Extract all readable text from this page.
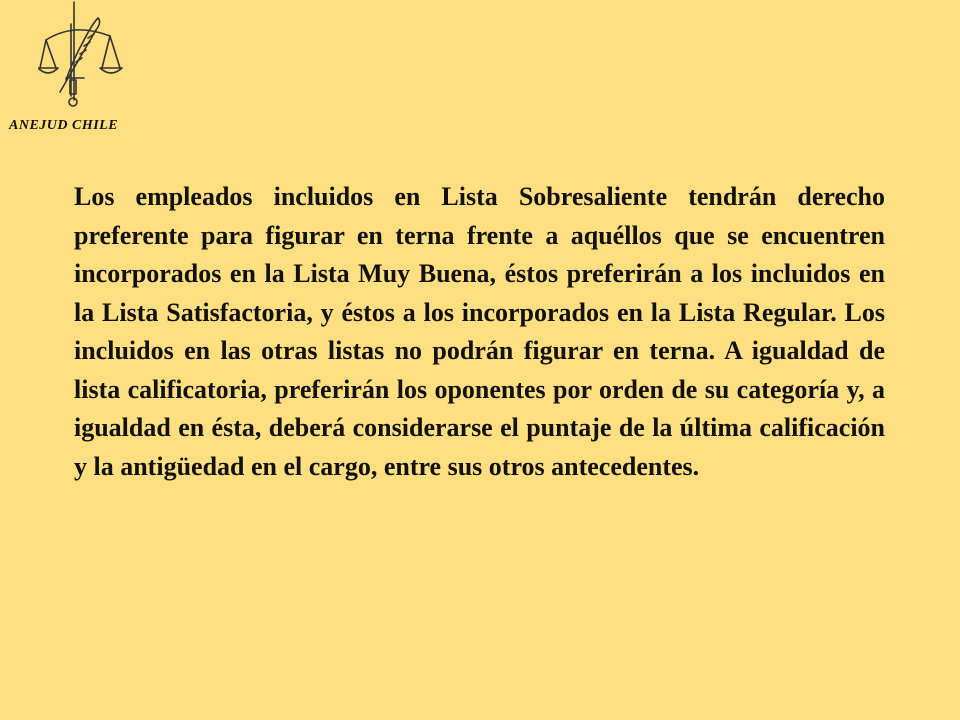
ANEJUD CHILE

Los empleados incluidos en Lista Sobresaliente tendrán derecho preferente para figurar en terna frente a aquéllos que se encuentren incorporados en la Lista Muy Buena, éstos preferirán a los incluidos en la Lista Satisfactoria, y éstos a los incorporados en la Lista Regular. Los incluidos en las otras listas no podrán figurar en terna. A igualdad de lista calificatoria, preferirán los oponentes por orden de su categoría y, a igualdad en ésta, deberá considerarse el puntaje de la última calificación y la antigüedad en el cargo, entre sus otros antecedentes.
